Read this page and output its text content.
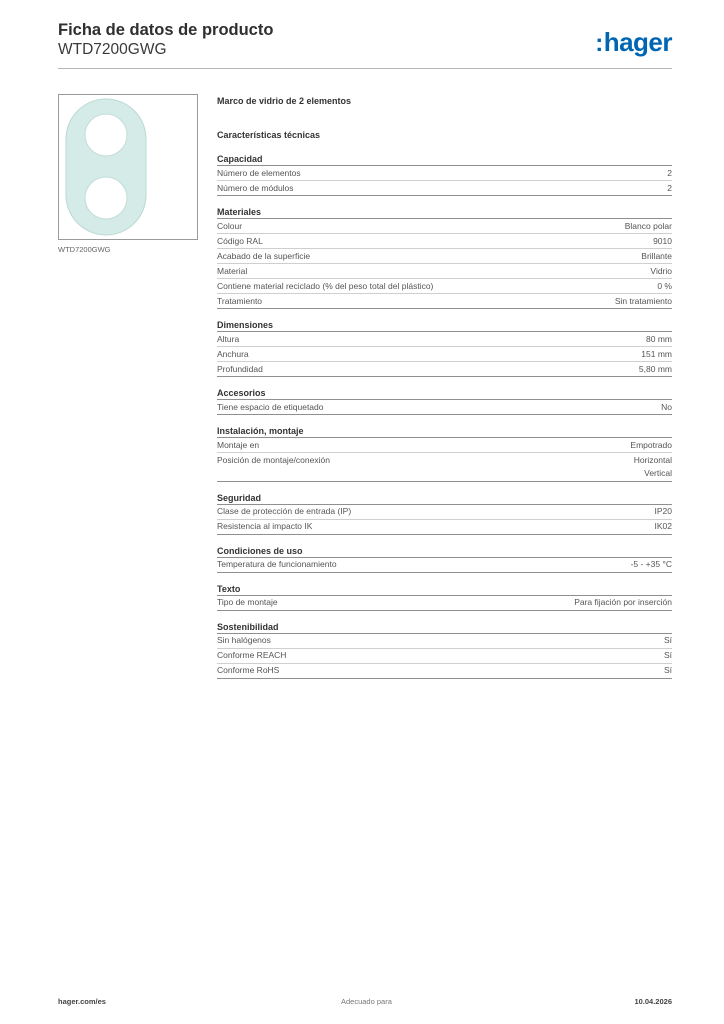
Ficha de datos de producto
WTD7200GWG	:hager
WTD7200GWG
Marco de vidrio de 2 elementos
Características técnicas
Capacidad
Número de elementos	2
Número de módulos	2
Materiales
Colour	Blanco polar
Código RAL	9010
Acabado de la superficie	Brillante
Material	Vidrio
Contiene material reciclado (% del peso total del plástico)	0 %
Tratamiento	Sin tratamiento
Dimensiones
Altura	80 mm
Anchura	151 mm
Profundidad	5,80 mm
Accesorios
Tiene espacio de etiquetado	No
Instalación, montaje
Montaje en	Empotrado
Posición de montaje/conexión	Horizontal
Vertical
Seguridad
Clase de protección de entrada (IP)	IP20
Resistencia al impacto IK	IK02
Condiciones de uso
Temperatura de funcionamiento	-5 - +35 °C
Texto
Tipo de montaje	Para fijación por inserción
Sostenibilidad
Sin halógenos	Sí
Conforme REACH	Sí
Conforme RoHS	Sí
hager.com/es	Adecuado para	10.04.2026
